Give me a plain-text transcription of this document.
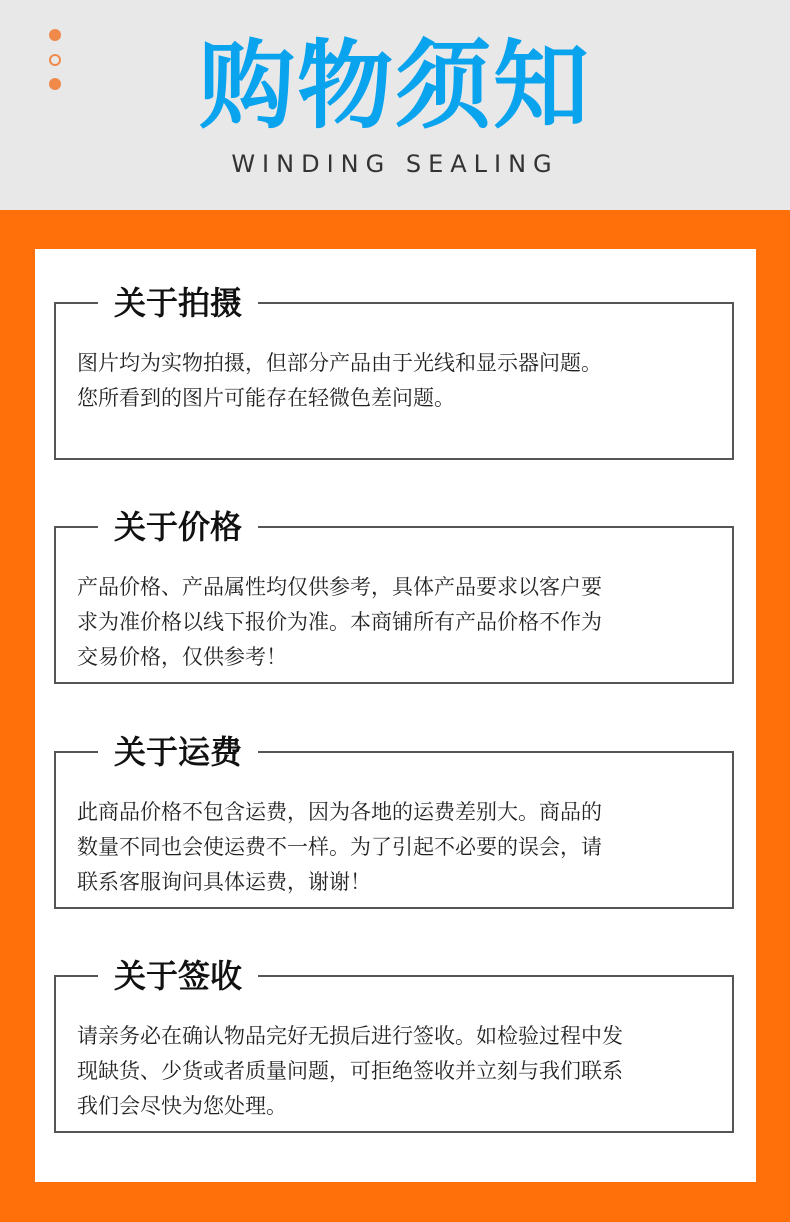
购物须知
WINDING SEALING
关于拍摄
图片均为实物拍摄，但部分产品由于光线和显示器问题。
您所看到的图片可能存在轻微色差问题。
关于价格
产品价格、产品属性均仅供参考，具体产品要求以客户要
求为准价格以线下报价为准。本商铺所有产品价格不作为
交易价格，仅供参考！
关于运费
此商品价格不包含运费，因为各地的运费差别大。商品的
数量不同也会使运费不一样。为了引起不必要的误会，请
联系客服询问具体运费，谢谢！
关于签收
请亲务必在确认物品完好无损后进行签收。如检验过程中发
现缺货、少货或者质量问题，可拒绝签收并立刻与我们联系
我们会尽快为您处理。
